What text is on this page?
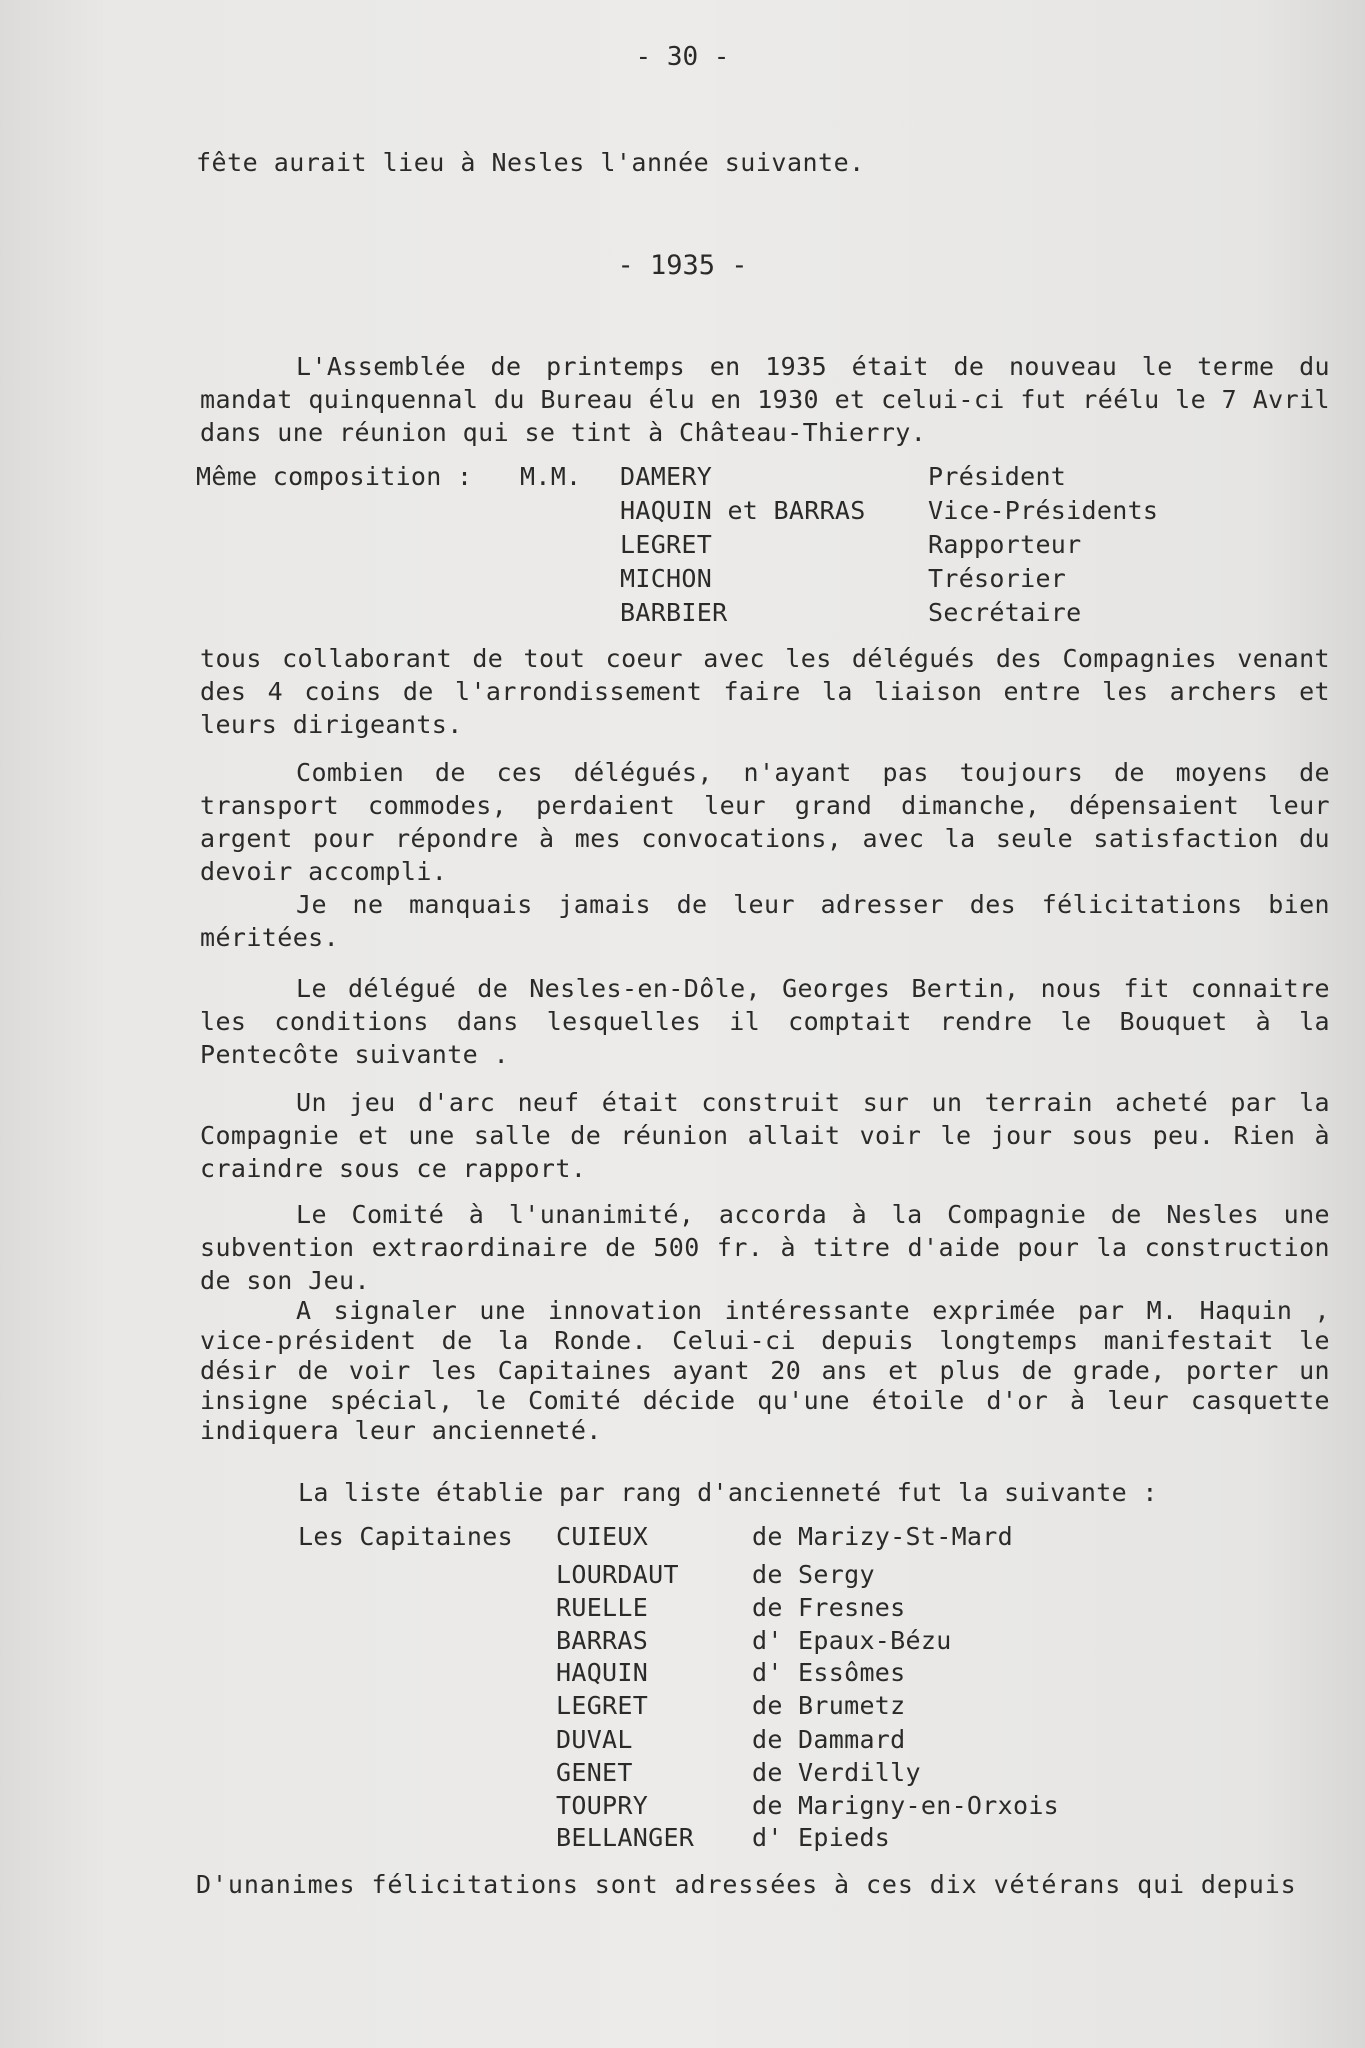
- 30 -
fête aurait lieu à Nesles l'année suivante.
- 1935 -
L'Assemblée de printemps en 1935 était de nouveau le terme du mandat quinquennal du Bureau élu en 1930 et celui-ci fut réélu le 7 Avril dans une réunion qui se tint à Château-Thierry.
Même composition : M.M. DAMERY	Président
HAQUIN et BARRAS Vice-Présidents
LEGRET	Rapporteur
MICHON	Trésorier
BARBIER	Secrétaire
tous collaborant de tout coeur avec les délégués des Compagnies venant des 4 coins de l'arrondissement faire la liaison entre les archers et leurs dirigeants.
Combien de ces délégués, n'ayant pas toujours de moyens de transport commodes, perdaient leur grand dimanche, dépensaient leur argent pour répondre à mes convocations, avec la seule satisfaction du devoir accompli.
Je ne manquais jamais de leur adresser des félicitations bien méritées.
Le délégué de Nesles-en-Dôle, Georges Bertin, nous fit connaitre les conditions dans lesquelles il comptait rendre le Bouquet à la Pentecôte suivante .
Un jeu d'arc neuf était construit sur un terrain acheté par la Compagnie et une salle de réunion allait voir le jour sous peu. Rien à craindre sous ce rapport.
Le Comité à l'unanimité, accorda à la Compagnie de Nesles une subvention extraordinaire de 500 fr. à titre d'aide pour la construction de son Jeu.
A signaler une innovation intéressante exprimée par M. Haquin , vice-président de la Ronde. Celui-ci depuis longtemps manifestait le désir de voir les Capitaines ayant 20 ans et plus de grade, porter un insigne spécial, le Comité décide qu'une étoile d'or à leur casquette indiquera leur ancienneté.
La liste établie par rang d'ancienneté fut la suivante :
Les Capitaines CUIEUX	de Marizy-St-Mard
LOURDAUT	de Sergy
RUELLE	de Fresnes
BARRAS	d' Epaux-Bézu
HAQUIN	d' Essômes
LEGRET	de Brumetz
DUVAL	de Dammard
GENET	de Verdilly
TOUPRY	de Marigny-en-Orxois
BELLANGER d' Epieds
D'unanimes félicitations sont adressées à ces dix vétérans qui depuis
